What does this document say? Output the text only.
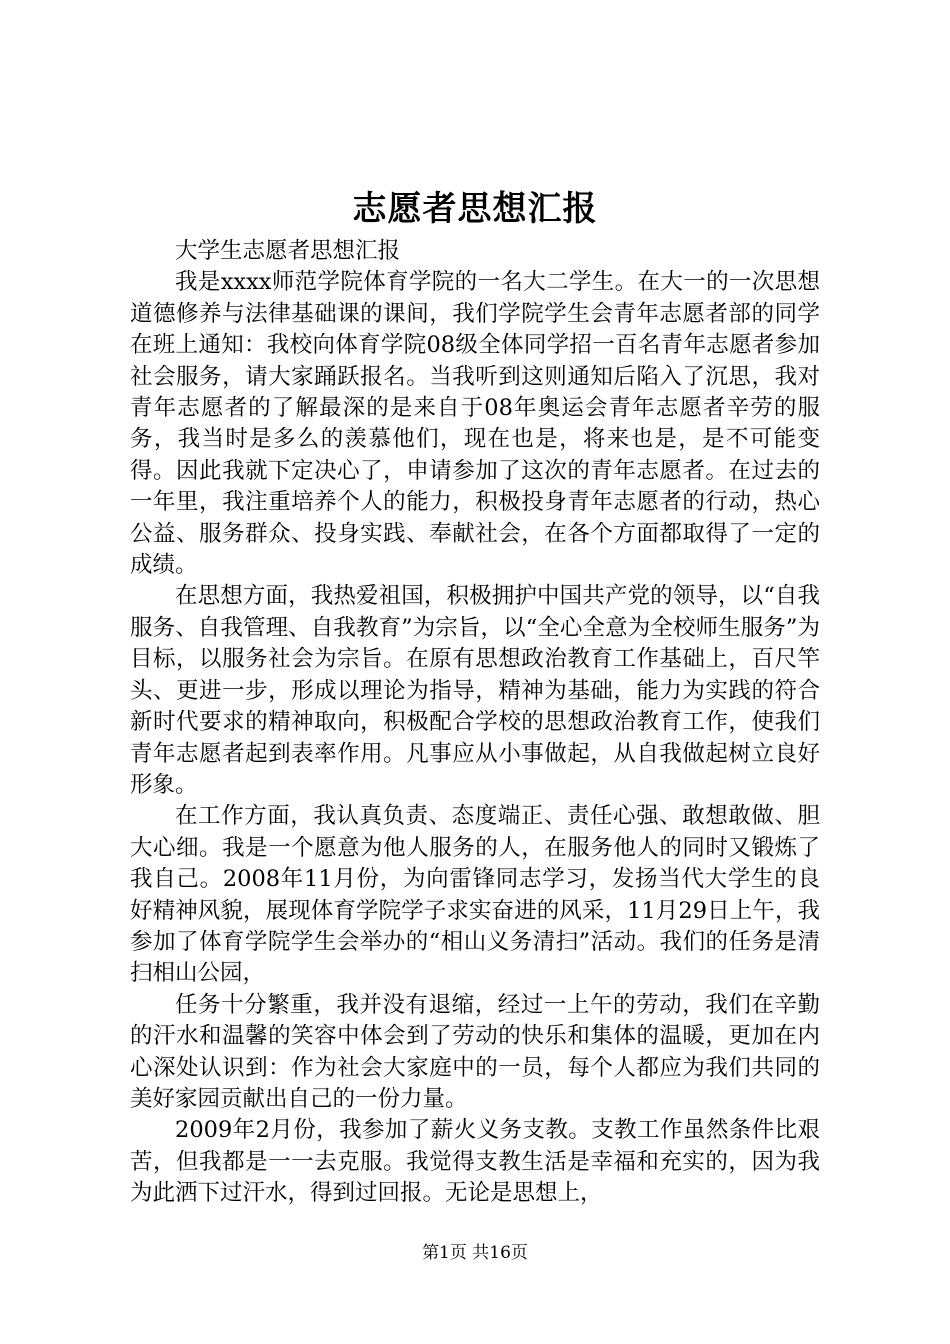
志愿者思想汇报

大学生志愿者思想汇报

我是xxxx师范学院体育学院的一名大二学生。在大一的一次思想道德修养与法律基础课的课间，我们学院学生会青年志愿者部的同学在班上通知：我校向体育学院08级全体同学招一百名青年志愿者参加社会服务，请大家踊跃报名。当我听到这则通知后陷入了沉思，我对青年志愿者的了解最深的是来自于08年奥运会青年志愿者辛劳的服务，我当时是多么的羡慕他们，现在也是，将来也是，是不可能变得。因此我就下定决心了，申请参加了这次的青年志愿者。在过去的一年里，我注重培养个人的能力，积极投身青年志愿者的行动，热心公益、服务群众、投身实践、奉献社会，在各个方面都取得了一定的成绩。

在思想方面，我热爱祖国，积极拥护中国共产党的领导，以“自我服务、自我管理、自我教育”为宗旨，以“全心全意为全校师生服务”为目标，以服务社会为宗旨。在原有思想政治教育工作基础上，百尺竿头、更进一步，形成以理论为指导，精神为基础，能力为实践的符合新时代要求的精神取向，积极配合学校的思想政治教育工作，使我们青年志愿者起到表率作用。凡事应从小事做起，从自我做起树立良好形象。

在工作方面，我认真负责、态度端正、责任心强、敢想敢做、胆大心细。我是一个愿意为他人服务的人，在服务他人的同时又锻炼了我自己。2008年11月份，为向雷锋同志学习，发扬当代大学生的良好精神风貌，展现体育学院学子求实奋进的风采，11月29日上午，我参加了体育学院学生会举办的“相山义务清扫”活动。我们的任务是清扫相山公园，

任务十分繁重，我并没有退缩，经过一上午的劳动，我们在辛勤的汗水和温馨的笑容中体会到了劳动的快乐和集体的温暖，更加在内心深处认识到：作为社会大家庭中的一员，每个人都应为我们共同的美好家园贡献出自己的一份力量。

2009年2月份，我参加了薪火义务支教。支教工作虽然条件比艰苦，但我都是一一去克服。我觉得支教生活是幸福和充实的，因为我为此洒下过汗水，得到过回报。无论是思想上，

第1页 共16页
